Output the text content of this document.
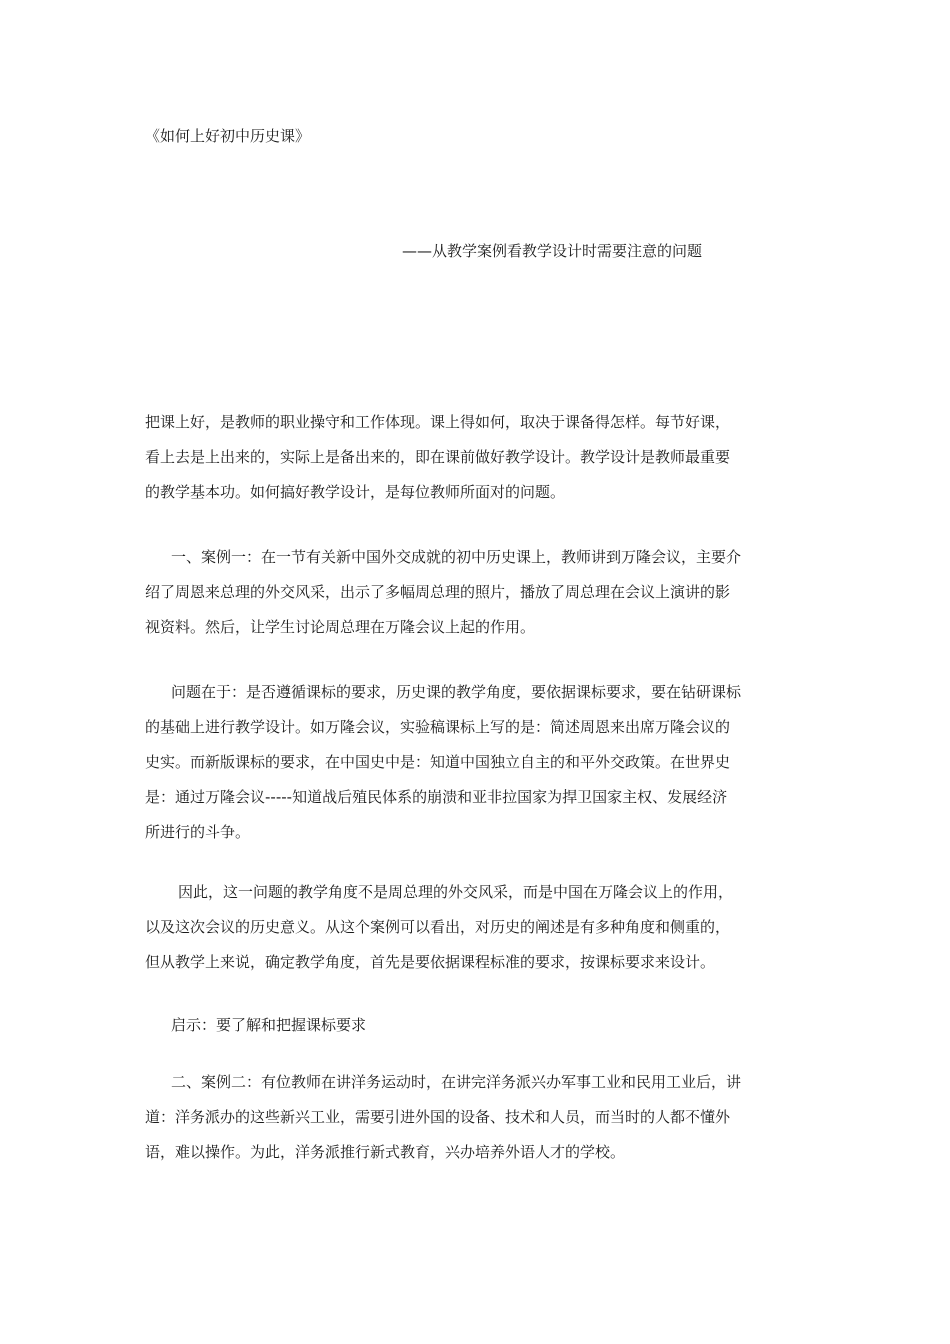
《如何上好初中历史课》
——从教学案例看教学设计时需要注意的问题

把课上好，是教师的职业操守和工作体现。课上得如何，取决于课备得怎样。每节好课，
看上去是上出来的，实际上是备出来的，即在课前做好教学设计。教学设计是教师最重要
的教学基本功。如何搞好教学设计，是每位教师所面对的问题。

一、案例一：在一节有关新中国外交成就的初中历史课上，教师讲到万隆会议，主要介
绍了周恩来总理的外交风采，出示了多幅周总理的照片，播放了周总理在会议上演讲的影
视资料。然后，让学生讨论周总理在万隆会议上起的作用。

问题在于：是否遵循课标的要求，历史课的教学角度，要依据课标要求，要在钻研课标
的基础上进行教学设计。如万隆会议，实验稿课标上写的是：简述周恩来出席万隆会议的
史实。而新版课标的要求，在中国史中是：知道中国独立自主的和平外交政策。在世界史
是：通过万隆会议-----知道战后殖民体系的崩溃和亚非拉国家为捍卫国家主权、发展经济
所进行的斗争。

因此，这一问题的教学角度不是周总理的外交风采，而是中国在万隆会议上的作用，
以及这次会议的历史意义。从这个案例可以看出，对历史的阐述是有多种角度和侧重的，
但从教学上来说，确定教学角度，首先是要依据课程标准的要求，按课标要求来设计。

启示：要了解和把握课标要求

二、案例二：有位教师在讲洋务运动时，在讲完洋务派兴办军事工业和民用工业后，讲
道：洋务派办的这些新兴工业，需要引进外国的设备、技术和人员，而当时的人都不懂外
语，难以操作。为此，洋务派推行新式教育，兴办培养外语人才的学校。
